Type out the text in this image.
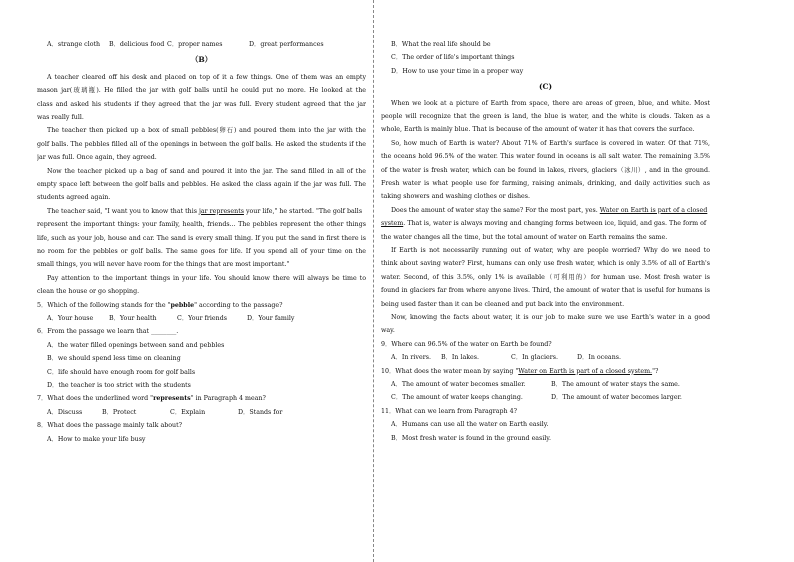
A．strange cloth	B．delicious food C．proper names	D．great performances
（B）
A teacher cleared off his desk and placed on top of it a few things. One of them was an empty
mason jar(玻璃瓶). He filled the jar with golf balls until he could put no more. He looked at the
class and asked his students if they agreed that the jar was full. Every student agreed that the jar
was really full.
The teacher then picked up a box of small pebbles(卵石) and poured them into the jar with the
golf balls. The pebbles filled all of the openings in between the golf balls. He asked the students if the
jar was full. Once again, they agreed.
Now the teacher picked up a bag of sand and poured it into the jar. The sand filled in all of the
empty space left between the golf balls and pebbles. He asked the class again if the jar was full. The
students agreed again.
The teacher said, "I want you to know that this jar represents your life," he started. "The golf balls
represent the important things: your family, health, friends... The pebbles represent the other things
life, such as your job, house and car. The sand is every small thing. If you put the sand in first there is
no room for the pebbles or golf balls. The same goes for life. If you spend all of your time on the
small things, you will never have room for the things that are most important."
Pay attention to the important things in your life. You should know there will always be time to
clean the house or go shopping.
5．Which of the following stands for the "pebble" according to the passage?
A．Your house	B．Your health	C．Your friends	D．Your family
6．From the passage we learn that ________.
A．the water filled openings between sand and pebbles
B．we should spend less time on cleaning
C．life should have enough room for golf balls
D．the teacher is too strict with the students
7．What does the underlined word "represents" in Paragraph 4 mean?
A．Discuss	B．Protect	C．Explain	D．Stands for
8．What does the passage mainly talk about?
A．How to make your life busy
B．What the real life should be
C．The order of life's important things
D．How to use your time in a proper way
(C)
When we look at a picture of Earth from space, there are areas of green, blue, and white. Most
people will recognize that the green is land, the blue is water, and the white is clouds. Taken as a
whole, Earth is mainly blue. That is because of the amount of water it has that covers the surface.
So, how much of Earth is water? About 71% of Earth's surface is covered in water. Of that 71%,
the oceans hold 96.5% of the water. This water found in oceans is all salt water. The remaining 3.5%
of the water is fresh water, which can be found in lakes, rivers, glaciers（冰川）, and in the ground.
Fresh water is what people use for farming, raising animals, drinking, and daily activities such as
taking showers and washing clothes or dishes.
Does the amount of water stay the same? For the most part, yes. Water on Earth is part of a closed
system. That is, water is always moving and changing forms between ice, liquid, and gas. The form of
the water changes all the time, but the total amount of water on Earth remains the same.
If Earth is not necessarily running out of water, why are people worried? Why do we need to
think about saving water? First, humans can only use fresh water, which is only 3.5% of all of Earth's
water. Second, of this 3.5%, only 1% is available（可利用的）for human use. Most fresh water is
found in glaciers far from where anyone lives. Third, the amount of water that is useful for humans is
being used faster than it can be cleaned and put back into the environment.
Now, knowing the facts about water, it is our job to make sure we use Earth's water in a good
way.
9．Where can 96.5% of the water on Earth be found?
A．In rivers.	B．In lakes.	C．In glaciers.	D．In oceans.
10．What does the water mean by saying "Water on Earth is part of a closed system."?
A．The amount of water becomes smaller.	B．The amount of water stays the same.
C．The amount of water keeps changing.	D．The amount of water becomes larger.
11．What can we learn from Paragraph 4?
A．Humans can use all the water on Earth easily.
B．Most fresh water is found in the ground easily.
